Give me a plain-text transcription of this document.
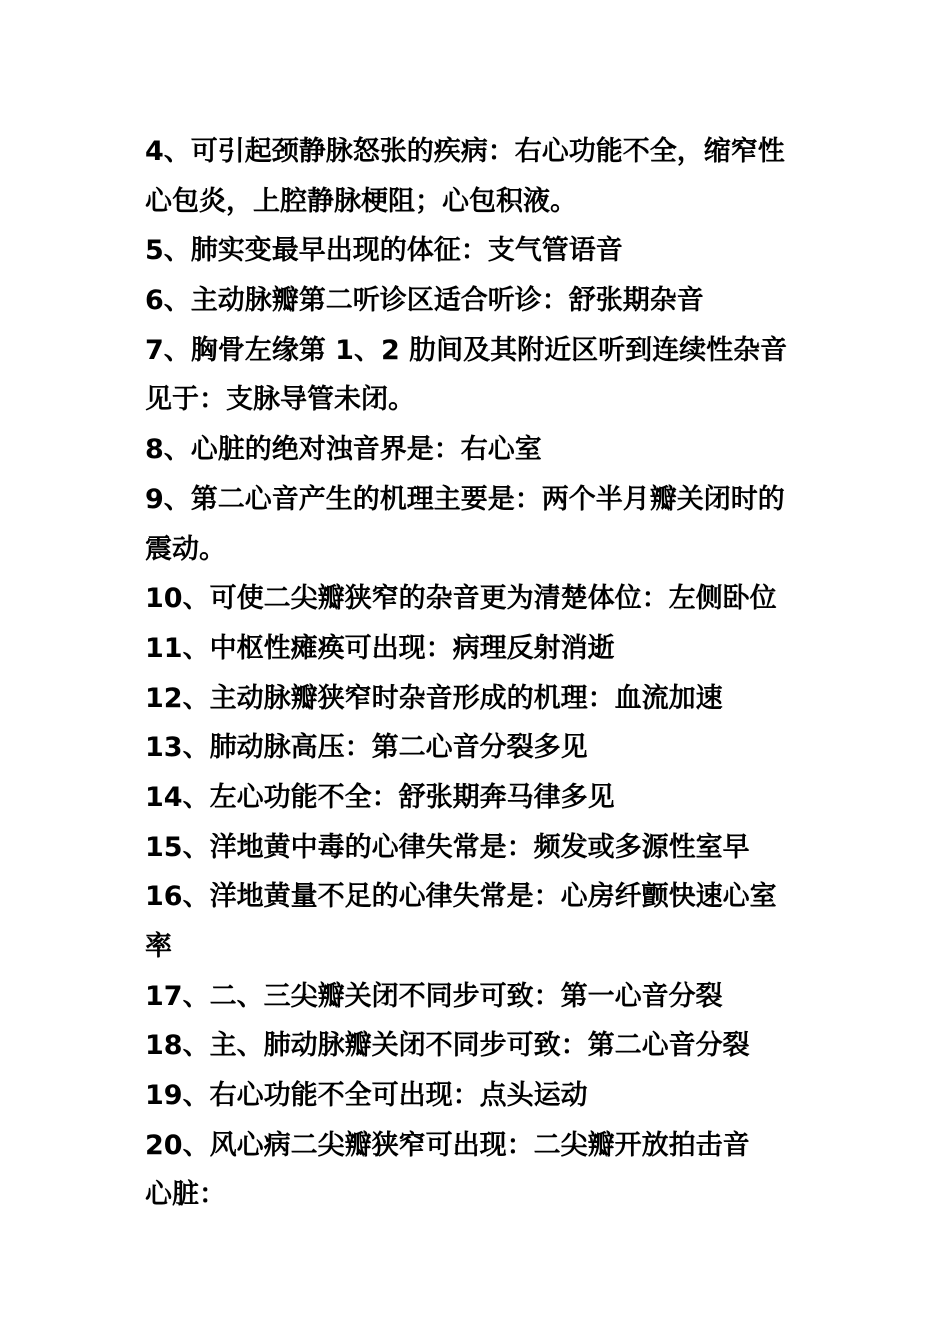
4、可引起颈静脉怒张的疾病：右心功能不全，缩窄性
心包炎，上腔静脉梗阻；心包积液。
5、肺实变最早出现的体征：支气管语音
6、主动脉瓣第二听诊区适合听诊：舒张期杂音
7、胸骨左缘第 1、2 肋间及其附近区听到连续性杂音
见于：支脉导管未闭。
8、心脏的绝对浊音界是：右心室
9、第二心音产生的机理主要是：两个半月瓣关闭时的
震动。
10、可使二尖瓣狭窄的杂音更为清楚体位：左侧卧位
11、中枢性瘫痪可出现：病理反射消逝
12、主动脉瓣狭窄时杂音形成的机理：血流加速
13、肺动脉高压：第二心音分裂多见
14、左心功能不全：舒张期奔马律多见
15、洋地黄中毒的心律失常是：频发或多源性室早
16、洋地黄量不足的心律失常是：心房纤颤快速心室
率
17、二、三尖瓣关闭不同步可致：第一心音分裂
18、主、肺动脉瓣关闭不同步可致：第二心音分裂
19、右心功能不全可出现：点头运动
20、风心病二尖瓣狭窄可出现：二尖瓣开放拍击音
心脏：
